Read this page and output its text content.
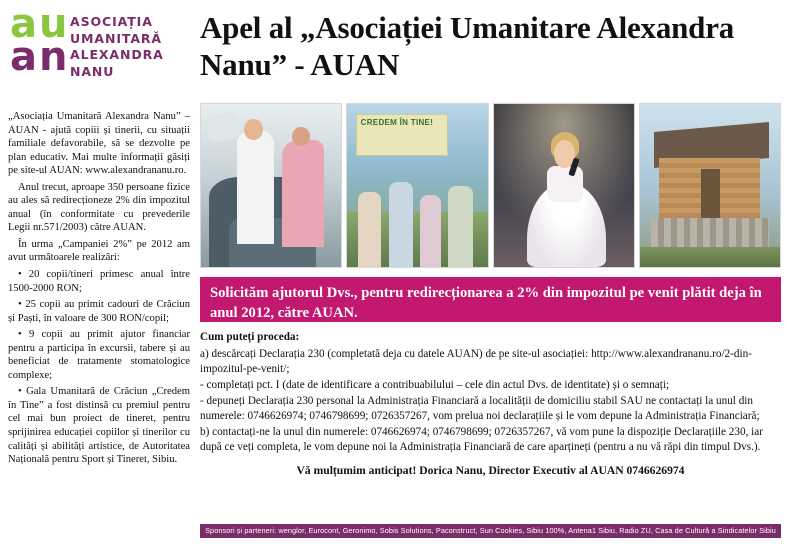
au
an
ASOCIAȚIA UMANITARĂ ALEXANDRA NANU
Apel al „Asociației Umanitare Alexandra Nanu” - AUAN
CREDEM ÎN TINE!

„Asociația Umanitară Alexandra Nanu” – AUAN - ajută copiii și tinerii, cu situații familiale defavorabile, să se dezvolte pe plan educativ. Mai multe informații găsiți pe site-ul AUAN: www.alexandrananu.ro.

Anul trecut, aproape 350 persoane fizice au ales să redirecționeze 2% din impozitul anual (în conformitate cu prevederile Legii nr.571/2003) către AUAN.

În urma „Campaniei 2%” pe 2012 am avut următoarele realizări:

• 20 copii/tineri primesc anual între 1500-2000 RON;

• 25 copii au primit cadouri de Crăciun și Paști, în valoare de 300 RON/copil;

• 9 copii au primit ajutor financiar pentru a participa în excursii, tabere și au beneficiat de tratamente stomatologice complexe;

• Gala Umanitară de Crăciun „Credem în Tine” a fost distinsă cu premiul pentru cel mai bun proiect de tineret, pentru sprijinirea educației copiilor și tinerilor cu calități și abilități artistice, de Autoritatea Națională pentru Sport și Tineret, Sibiu.

Solicităm ajutorul Dvs., pentru redirecționarea a 2% din impozitul pe venit plătit deja în anul 2012, către AUAN.

Cum puteți proceda:

a) descărcați Declarația 230 (completată deja cu datele AUAN) de pe site-ul asociației: http://www.alexandrananu.ro/2-din-impozitul-pe-venit/;

- completați pct. I (date de identificare a contribuabilului – cele din actul Dvs. de identitate) și o semnați;

- depuneți Declarația 230 personal la Administrația Financiară a localității de domiciliu stabil SAU ne contactați la unul din numerele: 0746626974; 0746798699; 0726357267, vom prelua noi declarațiile și le vom depune la Administrația Financiară;

b) contactați-ne la unul din numerele: 0746626974; 0746798699; 0726357267, vă vom pune la dispoziție Declarațiile 230, iar după ce veți completa, le vom depune noi la Administrația Financiară de care aparțineți (pentru a nu vă răpi din timpul Dvs.).

Vă mulțumim anticipat! Dorica Nanu, Director Executiv al AUAN 0746626974

Sponsori și parteneri: wenglor, Eurocont, Geronimo, Sobis Solutions, Paconstruct, Sun Cookies, Sibiu 100%, Antena1 Sibiu, Radio ZU, Casa de Cultură a Sindicatelor Sibiu
